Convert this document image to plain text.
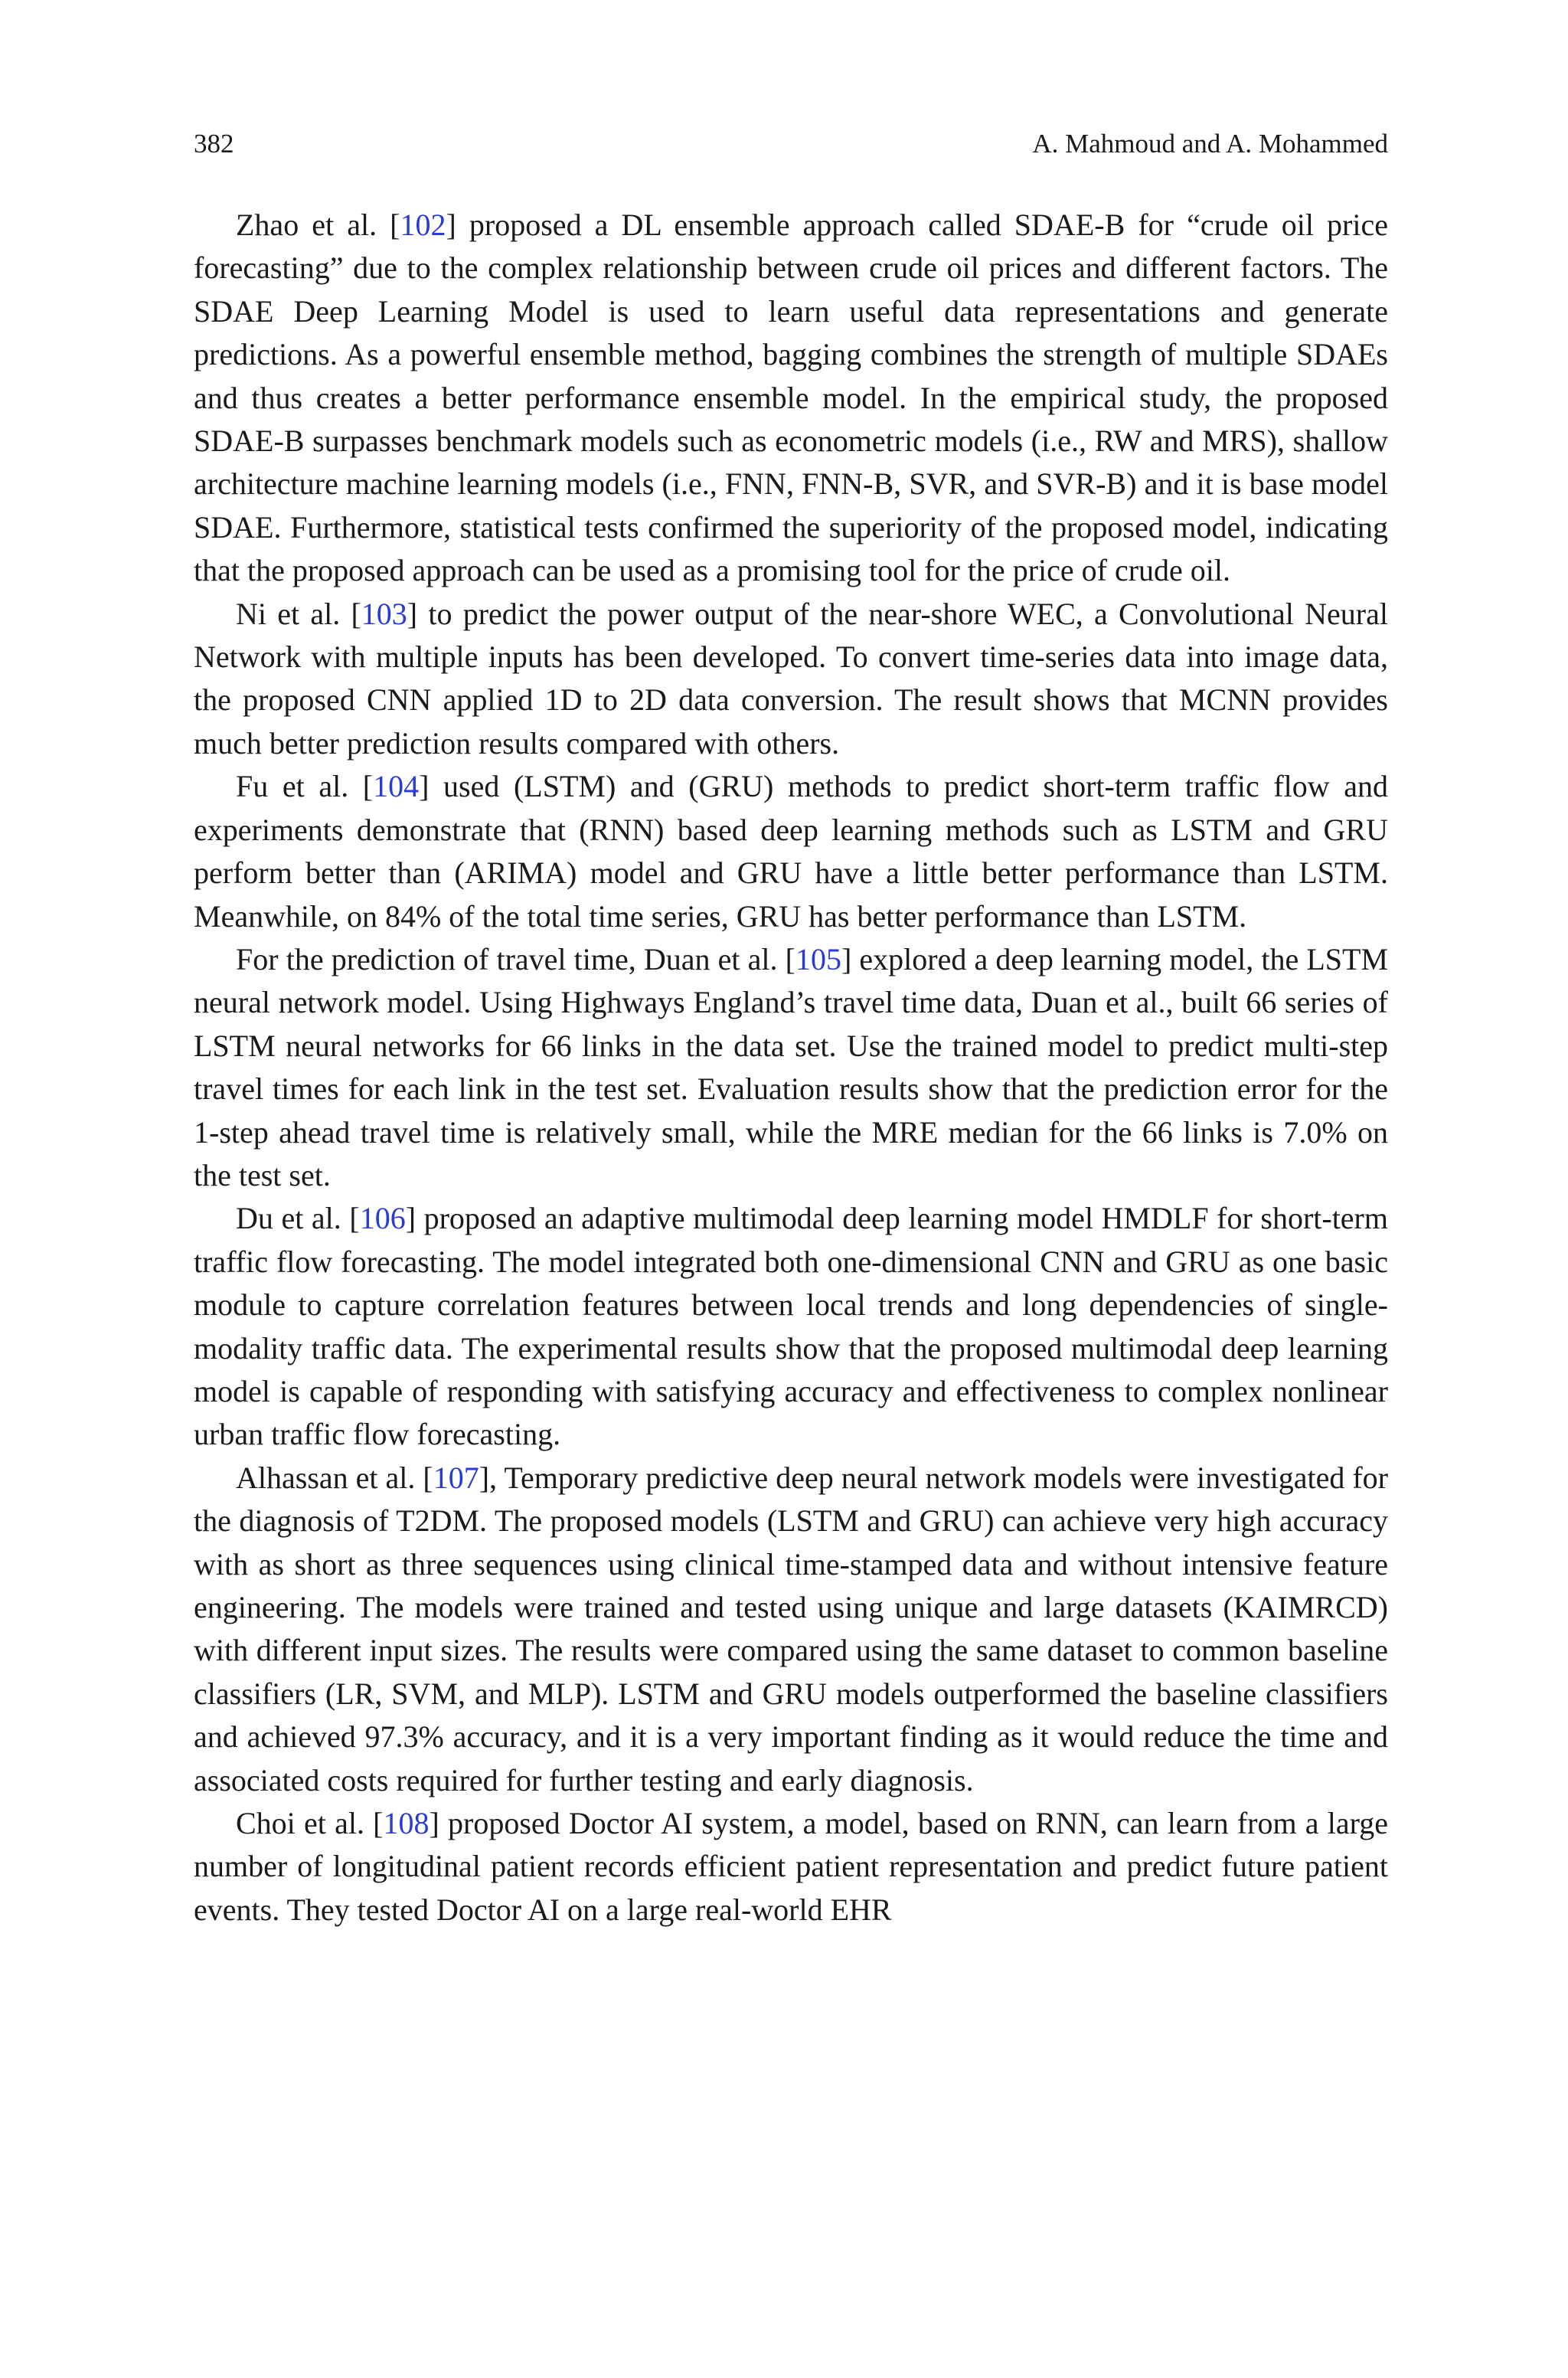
382	A. Mahmoud and A. Mohammed

Zhao et al. [102] proposed a DL ensemble approach called SDAE-B for “crude oil price forecasting” due to the complex relationship between crude oil prices and different factors. The SDAE Deep Learning Model is used to learn useful data representations and generate predictions. As a powerful ensemble method, bagging combines the strength of multiple SDAEs and thus creates a better performance ensemble model. In the empirical study, the proposed SDAE-B surpasses benchmark models such as econometric models (i.e., RW and MRS), shallow architecture machine learning models (i.e., FNN, FNN-B, SVR, and SVR-B) and it is base model SDAE. Furthermore, statistical tests confirmed the superiority of the proposed model, indicating that the proposed approach can be used as a promising tool for the price of crude oil.

Ni et al. [103] to predict the power output of the near-shore WEC, a Convolutional Neural Network with multiple inputs has been developed. To convert time-series data into image data, the proposed CNN applied 1D to 2D data conversion. The result shows that MCNN provides much better prediction results compared with others.

Fu et al. [104] used (LSTM) and (GRU) methods to predict short-term traffic flow and experiments demonstrate that (RNN) based deep learning methods such as LSTM and GRU perform better than (ARIMA) model and GRU have a little better performance than LSTM. Meanwhile, on 84% of the total time series, GRU has better performance than LSTM.

For the prediction of travel time, Duan et al. [105] explored a deep learning model, the LSTM neural network model. Using Highways England’s travel time data, Duan et al., built 66 series of LSTM neural networks for 66 links in the data set. Use the trained model to predict multi-step travel times for each link in the test set. Evaluation results show that the prediction error for the 1-step ahead travel time is relatively small, while the MRE median for the 66 links is 7.0% on the test set.

Du et al. [106] proposed an adaptive multimodal deep learning model HMDLF for short-term traffic flow forecasting. The model integrated both one-dimensional CNN and GRU as one basic module to capture correlation features between local trends and long dependencies of single-modality traffic data. The experimental results show that the proposed multimodal deep learning model is capable of responding with satisfying accuracy and effectiveness to complex nonlinear urban traffic flow forecasting.

Alhassan et al. [107], Temporary predictive deep neural network models were investigated for the diagnosis of T2DM. The proposed models (LSTM and GRU) can achieve very high accuracy with as short as three sequences using clinical time-stamped data and without intensive feature engineering. The models were trained and tested using unique and large datasets (KAIMRCD) with different input sizes. The results were compared using the same dataset to common baseline classifiers (LR, SVM, and MLP). LSTM and GRU models outperformed the baseline classifiers and achieved 97.3% accuracy, and it is a very important finding as it would reduce the time and associated costs required for further testing and early diagnosis.

Choi et al. [108] proposed Doctor AI system, a model, based on RNN, can learn from a large number of longitudinal patient records efficient patient representation and predict future patient events. They tested Doctor AI on a large real-world EHR
